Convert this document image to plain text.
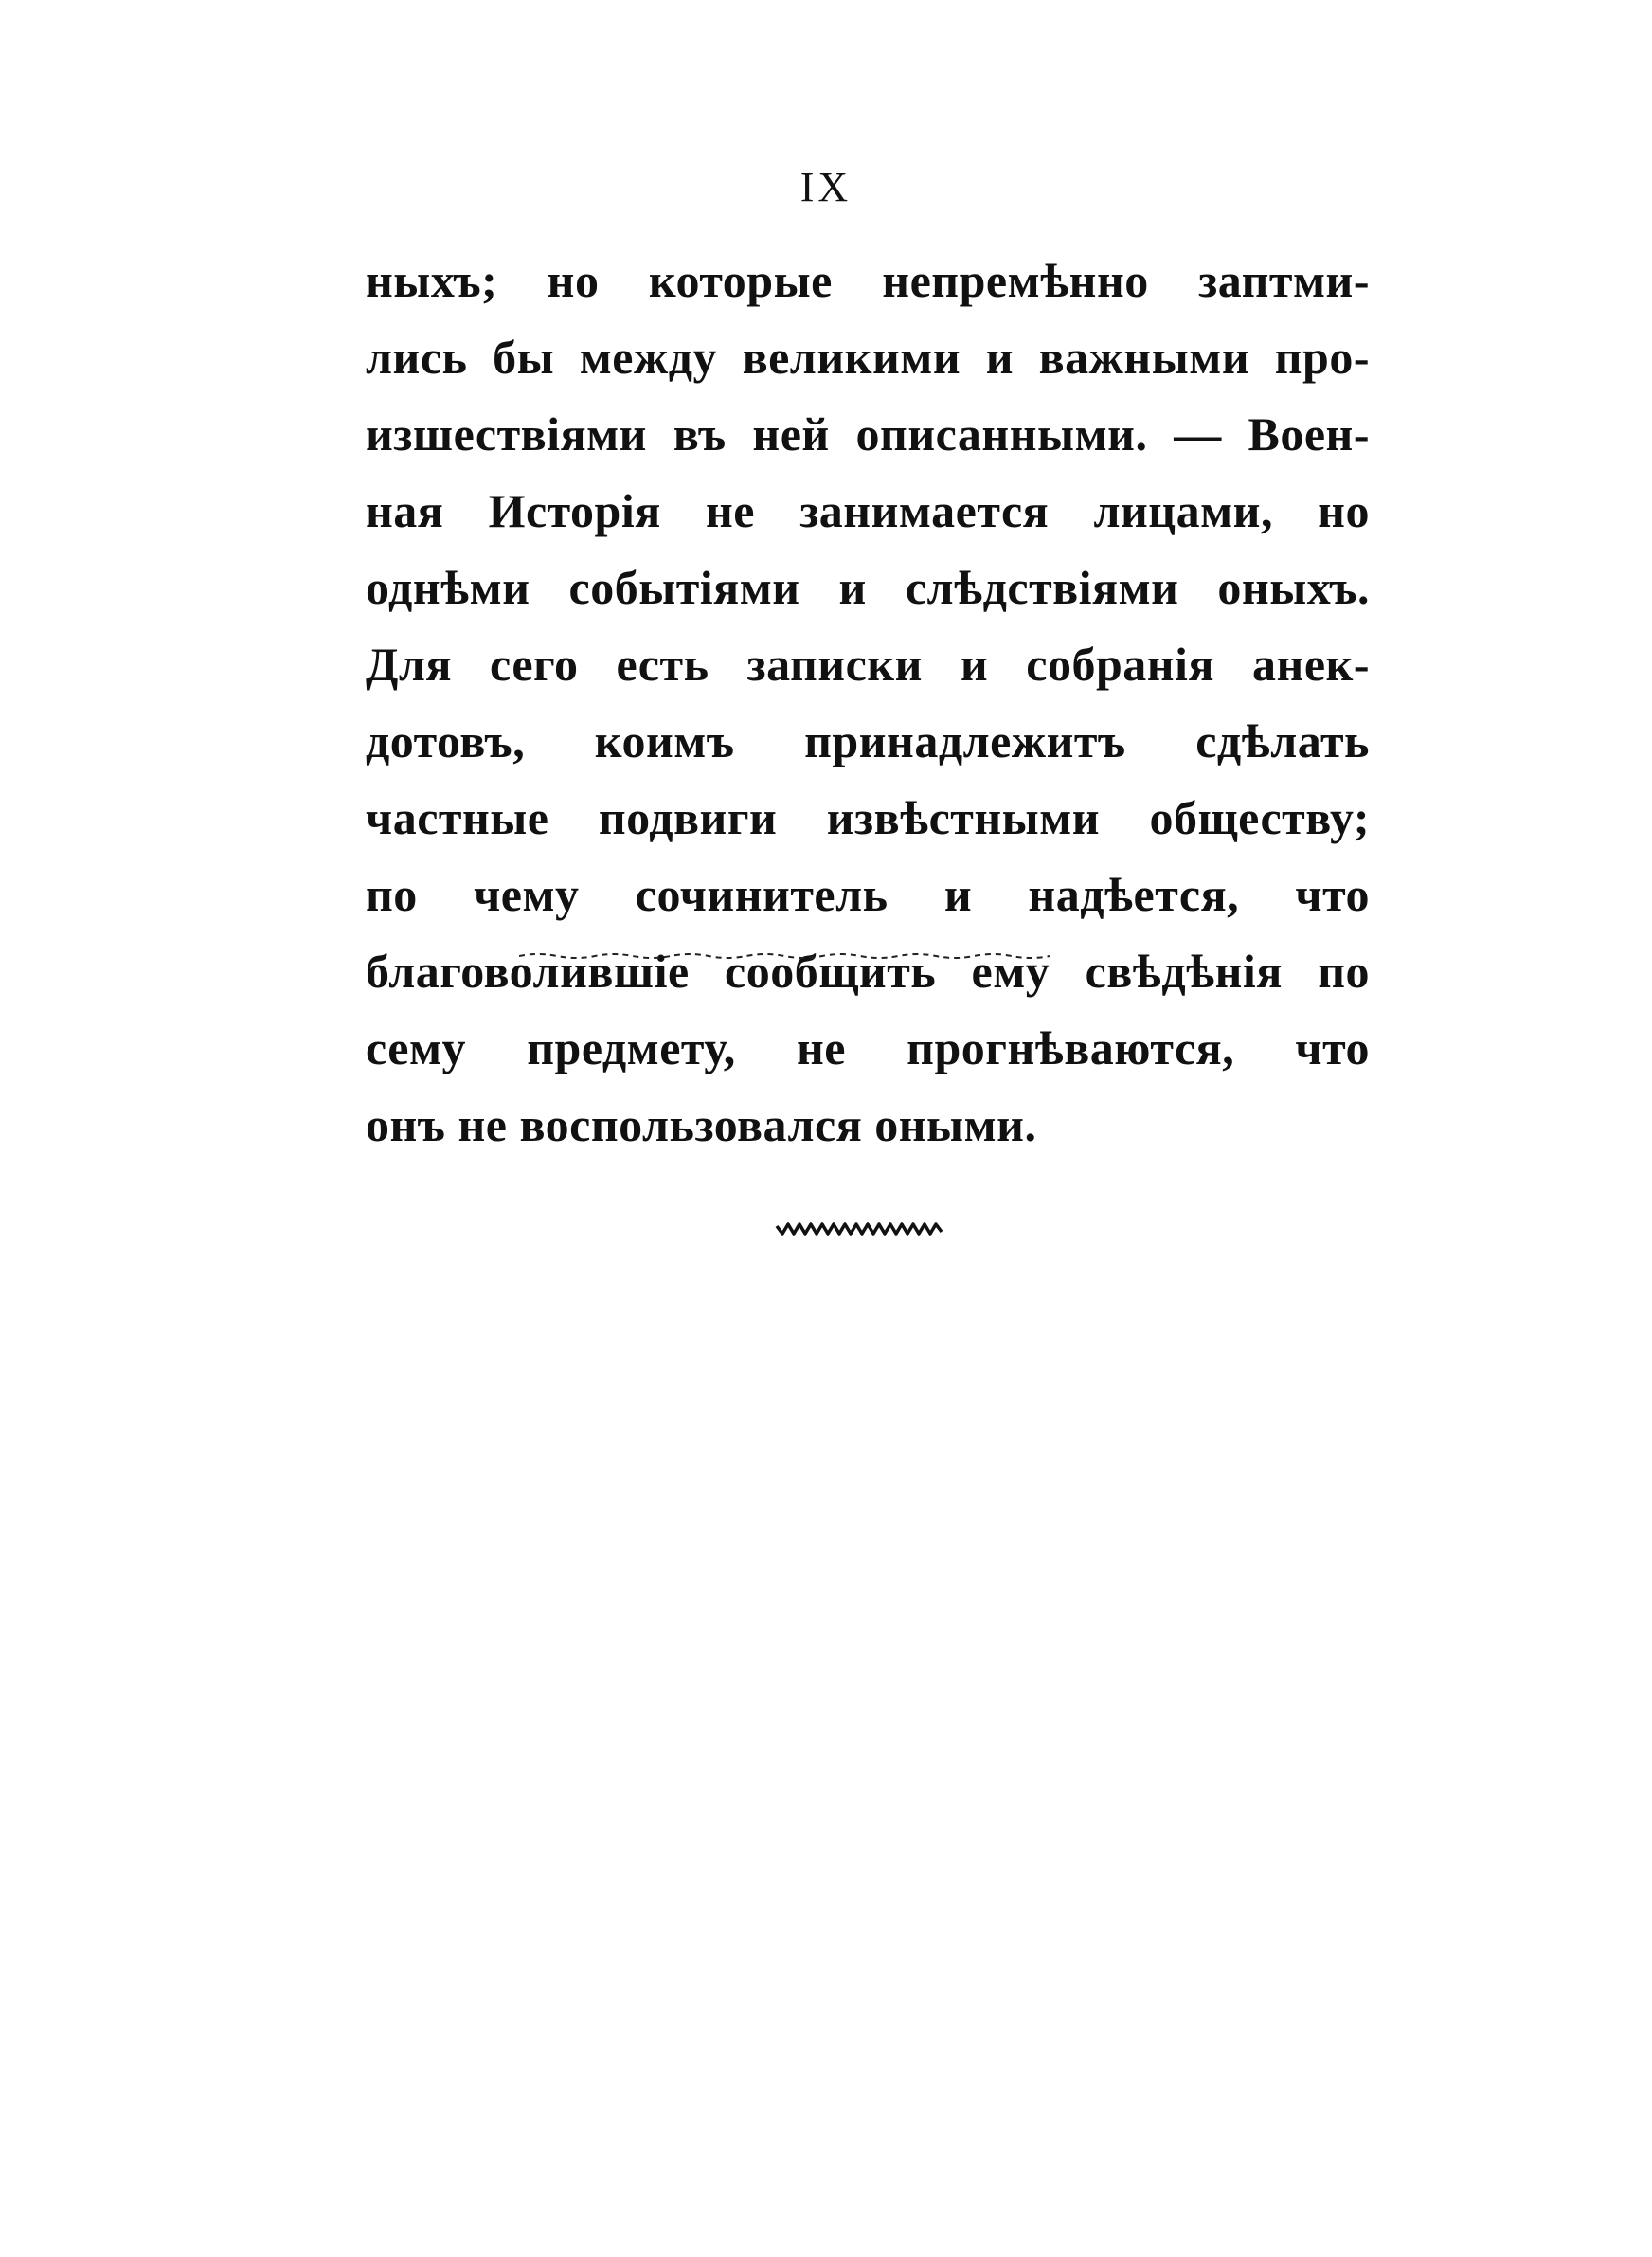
IX
ныхъ; но которые непремѣнно заптми-
лись бы между великими и важными про-
изшествіями въ ней описанными. — Воен-
ная Исторія не занимается лицами, но
однѣми событіями и слѣдствіями оныхъ.
Для сего есть записки и собранія анек-
дотовъ, коимъ принадлежитъ сдѣлать
частные подвиги извѣстными обществу;
по чему сочинитель и надѣется, что
благоволившіе сообщить ему свѣдѣнія по
сему предмету, не прогнѣваются, что
онъ не воспользовался оными.
